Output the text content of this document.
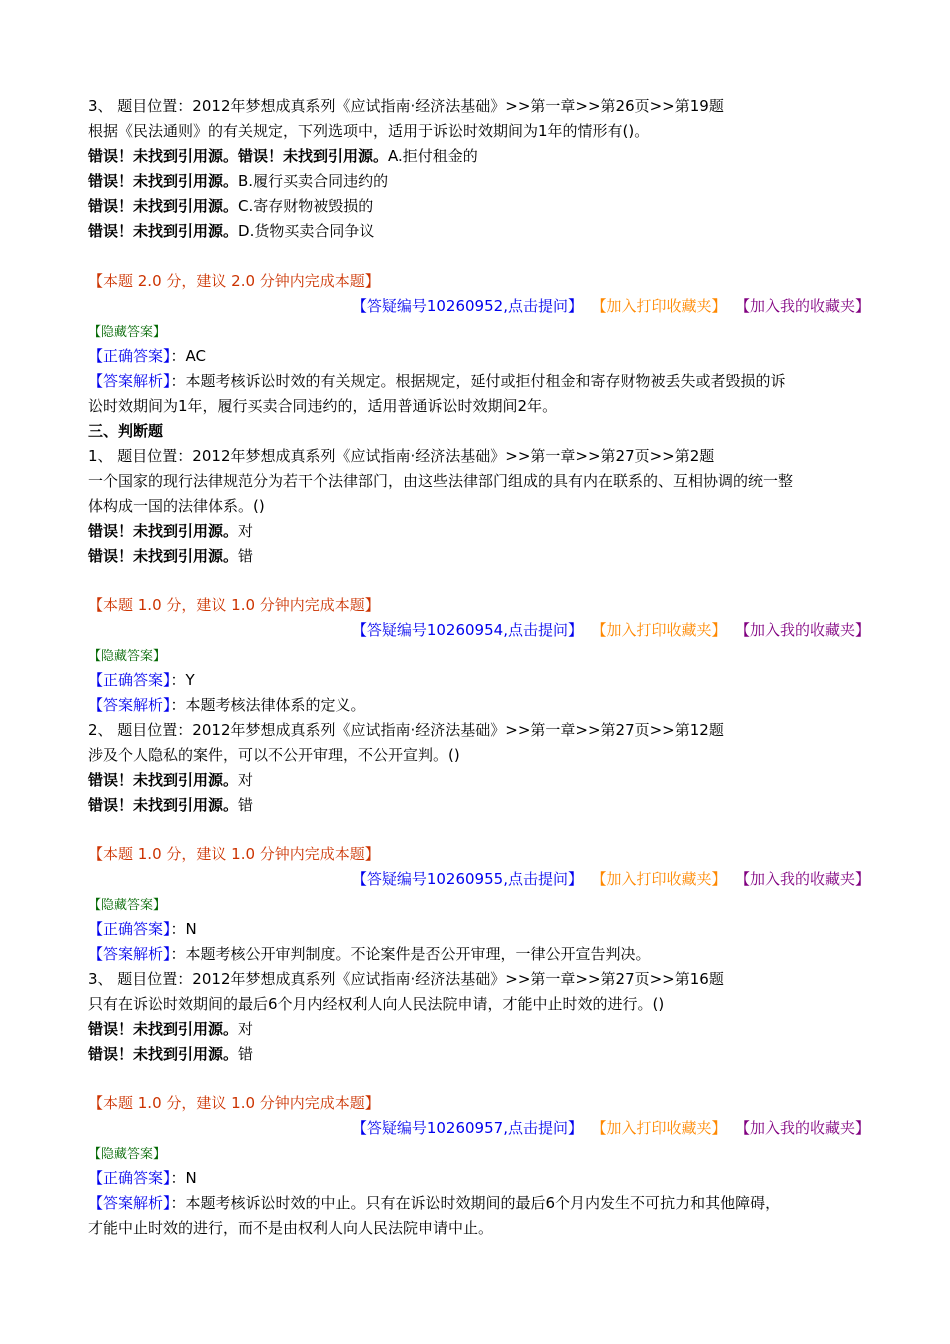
3、 题目位置：2012年梦想成真系列《应试指南·经济法基础》>>第一章>>第26页>>第19题
根据《民法通则》的有关规定，下列选项中，适用于诉讼时效期间为1年的情形有()。
错误！未找到引用源。错误！未找到引用源。A.拒付租金的
错误！未找到引用源。B.履行买卖合同违约的
错误！未找到引用源。C.寄存财物被毁损的
错误！未找到引用源。D.货物买卖合同争议
【本题 2.0 分，建议 2.0 分钟内完成本题】
【答疑编号10260952,点击提问】 【加入打印收藏夹】 【加入我的收藏夹】
【隐藏答案】
【正确答案】：AC
【答案解析】：本题考核诉讼时效的有关规定。根据规定，延付或拒付租金和寄存财物被丢失或者毁损的诉
讼时效期间为1年，履行买卖合同违约的，适用普通诉讼时效期间2年。
三、判断题
1、 题目位置：2012年梦想成真系列《应试指南·经济法基础》>>第一章>>第27页>>第2题
一个国家的现行法律规范分为若干个法律部门，由这些法律部门组成的具有内在联系的、互相协调的统一整
体构成一国的法律体系。()
错误！未找到引用源。对
错误！未找到引用源。错
【本题 1.0 分，建议 1.0 分钟内完成本题】
【答疑编号10260954,点击提问】 【加入打印收藏夹】 【加入我的收藏夹】
【隐藏答案】
【正确答案】：Y
【答案解析】：本题考核法律体系的定义。
2、 题目位置：2012年梦想成真系列《应试指南·经济法基础》>>第一章>>第27页>>第12题
涉及个人隐私的案件，可以不公开审理，不公开宣判。()
错误！未找到引用源。对
错误！未找到引用源。错
【本题 1.0 分，建议 1.0 分钟内完成本题】
【答疑编号10260955,点击提问】 【加入打印收藏夹】 【加入我的收藏夹】
【隐藏答案】
【正确答案】：N
【答案解析】：本题考核公开审判制度。不论案件是否公开审理，一律公开宣告判决。
3、 题目位置：2012年梦想成真系列《应试指南·经济法基础》>>第一章>>第27页>>第16题
只有在诉讼时效期间的最后6个月内经权利人向人民法院申请，才能中止时效的进行。()
错误！未找到引用源。对
错误！未找到引用源。错
【本题 1.0 分，建议 1.0 分钟内完成本题】
【答疑编号10260957,点击提问】 【加入打印收藏夹】 【加入我的收藏夹】
【隐藏答案】
【正确答案】：N
【答案解析】：本题考核诉讼时效的中止。只有在诉讼时效期间的最后6个月内发生不可抗力和其他障碍，
才能中止时效的进行，而不是由权利人向人民法院申请中止。
